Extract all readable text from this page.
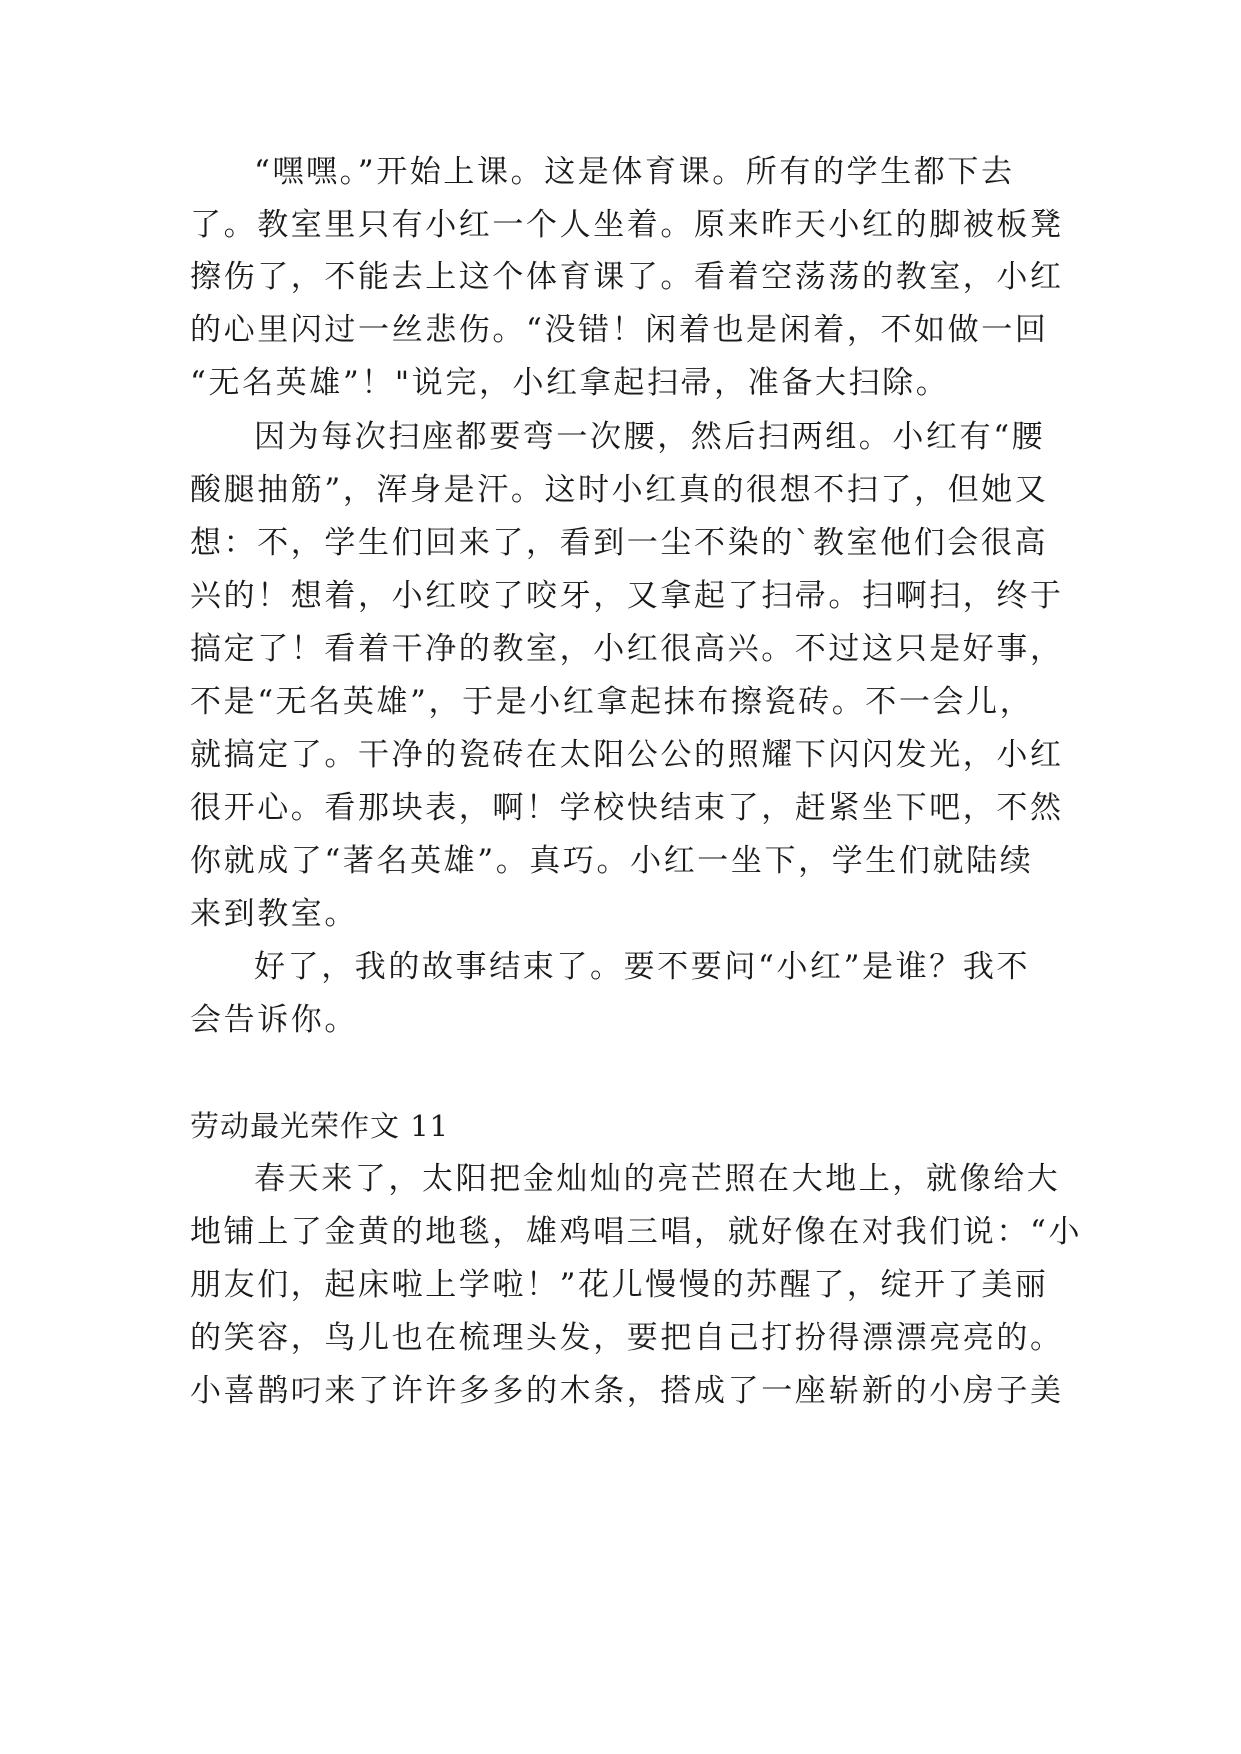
“嘿嘿。”开始上课。这是体育课。所有的学生都下去
了。教室里只有小红一个人坐着。原来昨天小红的脚被板凳
擦伤了，不能去上这个体育课了。看着空荡荡的教室，小红
的心里闪过一丝悲伤。“没错！闲着也是闲着，不如做一回
“无名英雄”！"说完，小红拿起扫帚，准备大扫除。
因为每次扫座都要弯一次腰，然后扫两组。小红有“腰
酸腿抽筋”，浑身是汗。这时小红真的很想不扫了，但她又
想：不，学生们回来了，看到一尘不染的`教室他们会很高
兴的！想着，小红咬了咬牙，又拿起了扫帚。扫啊扫，终于
搞定了！看着干净的教室，小红很高兴。不过这只是好事，
不是“无名英雄”，于是小红拿起抹布擦瓷砖。不一会儿，
就搞定了。干净的瓷砖在太阳公公的照耀下闪闪发光，小红
很开心。看那块表，啊！学校快结束了，赶紧坐下吧，不然
你就成了“著名英雄”。真巧。小红一坐下，学生们就陆续
来到教室。
好了，我的故事结束了。要不要问“小红”是谁？我不
会告诉你。
劳动最光荣作文 11
春天来了，太阳把金灿灿的亮芒照在大地上，就像给大
地铺上了金黄的地毯，雄鸡唱三唱，就好像在对我们说：“小
朋友们，起床啦上学啦！”花儿慢慢的苏醒了，绽开了美丽
的笑容，鸟儿也在梳理头发，要把自己打扮得漂漂亮亮的。
小喜鹊叼来了许许多多的木条，搭成了一座崭新的小房子美
